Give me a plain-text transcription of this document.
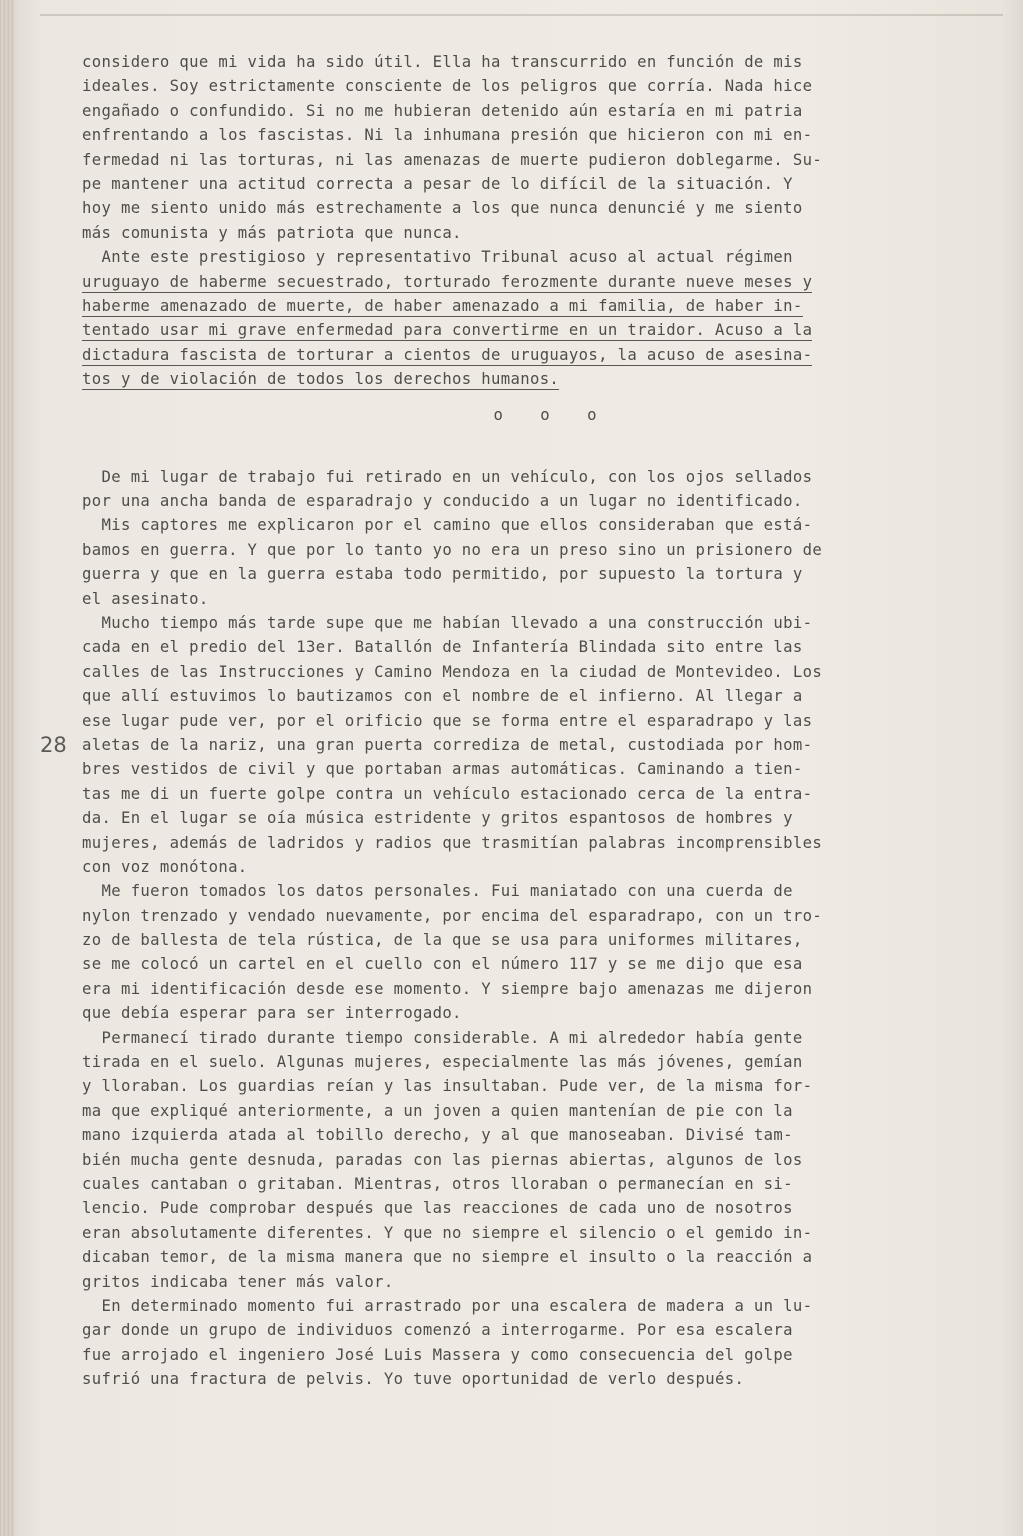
28
considero que mi vida ha sido útil. Ella ha transcurrido en función de mis
ideales. Soy estrictamente consciente de los peligros que corría. Nada hice
engañado o confundido. Si no me hubieran detenido aún estaría en mi patria
enfrentando a los fascistas. Ni la inhumana presión que hicieron con mi en-
fermedad ni las torturas, ni las amenazas de muerte pudieron doblegarme. Su-
pe mantener una actitud correcta a pesar de lo difícil de la situación. Y
hoy me siento unido más estrechamente a los que nunca denuncié y me siento
más comunista y más patriota que nunca.
Ante este prestigioso y representativo Tribunal acuso al actual régimen
uruguayo de haberme secuestrado, torturado ferozmente durante nueve meses y
haberme amenazado de muerte, de haber amenazado a mi familia, de haber in-
tentado usar mi grave enfermedad para convertirme en un traidor. Acuso a la
dictadura fascista de torturar a cientos de uruguayos, la acuso de asesina-
tos y de violación de todos los derechos humanos.
o o o
De mi lugar de trabajo fui retirado en un vehículo, con los ojos sellados
por una ancha banda de esparadrajo y conducido a un lugar no identificado.
Mis captores me explicaron por el camino que ellos consideraban que está-
bamos en guerra. Y que por lo tanto yo no era un preso sino un prisionero de
guerra y que en la guerra estaba todo permitido, por supuesto la tortura y
el asesinato.
Mucho tiempo más tarde supe que me habían llevado a una construcción ubi-
cada en el predio del 13er. Batallón de Infantería Blindada sito entre las
calles de las Instrucciones y Camino Mendoza en la ciudad de Montevideo. Los
que allí estuvimos lo bautizamos con el nombre de el infierno. Al llegar a
ese lugar pude ver, por el orificio que se forma entre el esparadrapo y las
aletas de la nariz, una gran puerta corrediza de metal, custodiada por hom-
bres vestidos de civil y que portaban armas automáticas. Caminando a tien-
tas me di un fuerte golpe contra un vehículo estacionado cerca de la entra-
da. En el lugar se oía música estridente y gritos espantosos de hombres y
mujeres, además de ladridos y radios que trasmitían palabras incomprensibles
con voz monótona.
Me fueron tomados los datos personales. Fui maniatado con una cuerda de
nylon trenzado y vendado nuevamente, por encima del esparadrapo, con un tro-
zo de ballesta de tela rústica, de la que se usa para uniformes militares,
se me colocó un cartel en el cuello con el número 117 y se me dijo que esa
era mi identificación desde ese momento. Y siempre bajo amenazas me dijeron
que debía esperar para ser interrogado.
Permanecí tirado durante tiempo considerable. A mi alrededor había gente
tirada en el suelo. Algunas mujeres, especialmente las más jóvenes, gemían
y lloraban. Los guardias reían y las insultaban. Pude ver, de la misma for-
ma que expliqué anteriormente, a un joven a quien mantenían de pie con la
mano izquierda atada al tobillo derecho, y al que manoseaban. Divisé tam-
bién mucha gente desnuda, paradas con las piernas abiertas, algunos de los
cuales cantaban o gritaban. Mientras, otros lloraban o permanecían en si-
lencio. Pude comprobar después que las reacciones de cada uno de nosotros
eran absolutamente diferentes. Y que no siempre el silencio o el gemido in-
dicaban temor, de la misma manera que no siempre el insulto o la reacción a
gritos indicaba tener más valor.
En determinado momento fui arrastrado por una escalera de madera a un lu-
gar donde un grupo de individuos comenzó a interrogarme. Por esa escalera
fue arrojado el ingeniero José Luis Massera y como consecuencia del golpe
sufrió una fractura de pelvis. Yo tuve oportunidad de verlo después.
